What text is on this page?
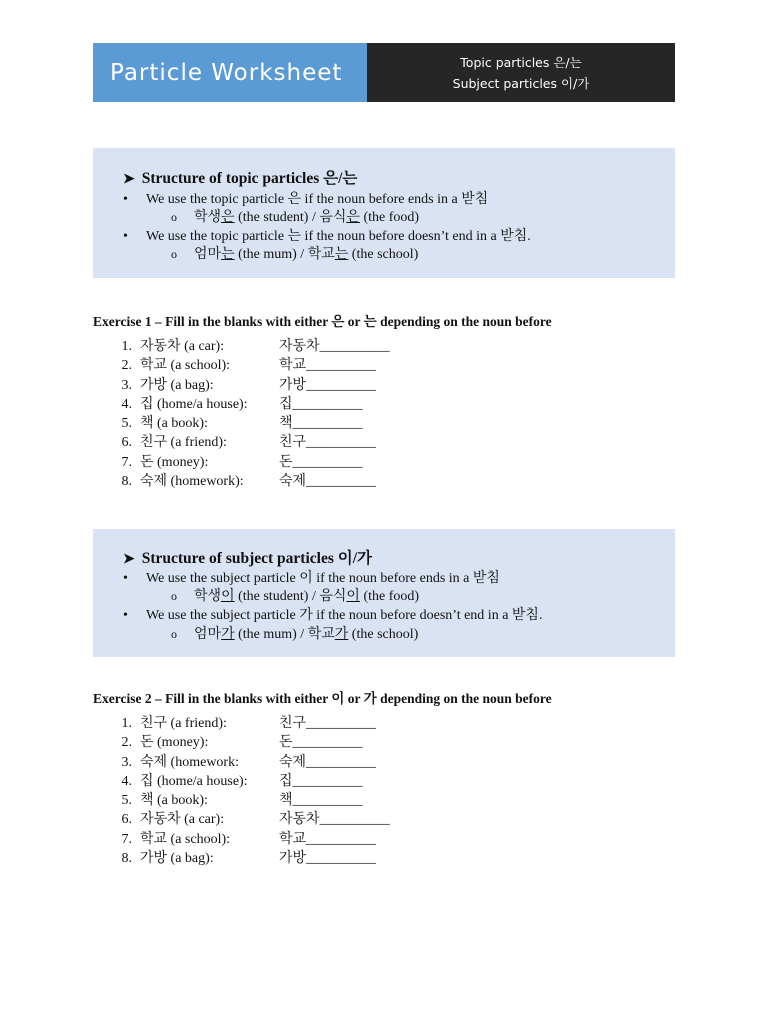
Particle Worksheet	Topic particles 은/는
Subject particles 이/가
➤ Structure of topic particles 은/는
• We use the topic particle 은 if the noun before ends in a 받침
o 학생은 (the student) / 음식은 (the food)
• We use the topic particle 는 if the noun before doesn’t end in a 받침.
o 엄마는 (the mum) / 학교는 (the school)
Exercise 1 – Fill in the blanks with either 은 or 는 depending on the noun before
1. 자동차 (a car):	자동차__________
2. 학교 (a school):	학교__________
3. 가방 (a bag):	가방__________
4. 집 (home/a house): 집__________
5. 책 (a book):	책__________
6. 친구 (a friend):	친구__________
7. 돈 (money):	돈__________
8. 숙제 (homework):	숙제__________
➤ Structure of subject particles 이/가
• We use the subject particle 이 if the noun before ends in a 받침
o 학생이 (the student) / 음식이 (the food)
• We use the subject particle 가 if the noun before doesn’t end in a 받침.
o 엄마가 (the mum) / 학교가 (the school)
Exercise 2 – Fill in the blanks with either 이 or 가 depending on the noun before
1. 친구 (a friend):	친구__________
2. 돈 (money):	돈__________
3. 숙제 (homework:	숙제__________
4. 집 (home/a house): 집__________
5. 책 (a book):	책__________
6. 자동차 (a car):	자동차__________
7. 학교 (a school):	학교__________
8. 가방 (a bag):	가방__________
